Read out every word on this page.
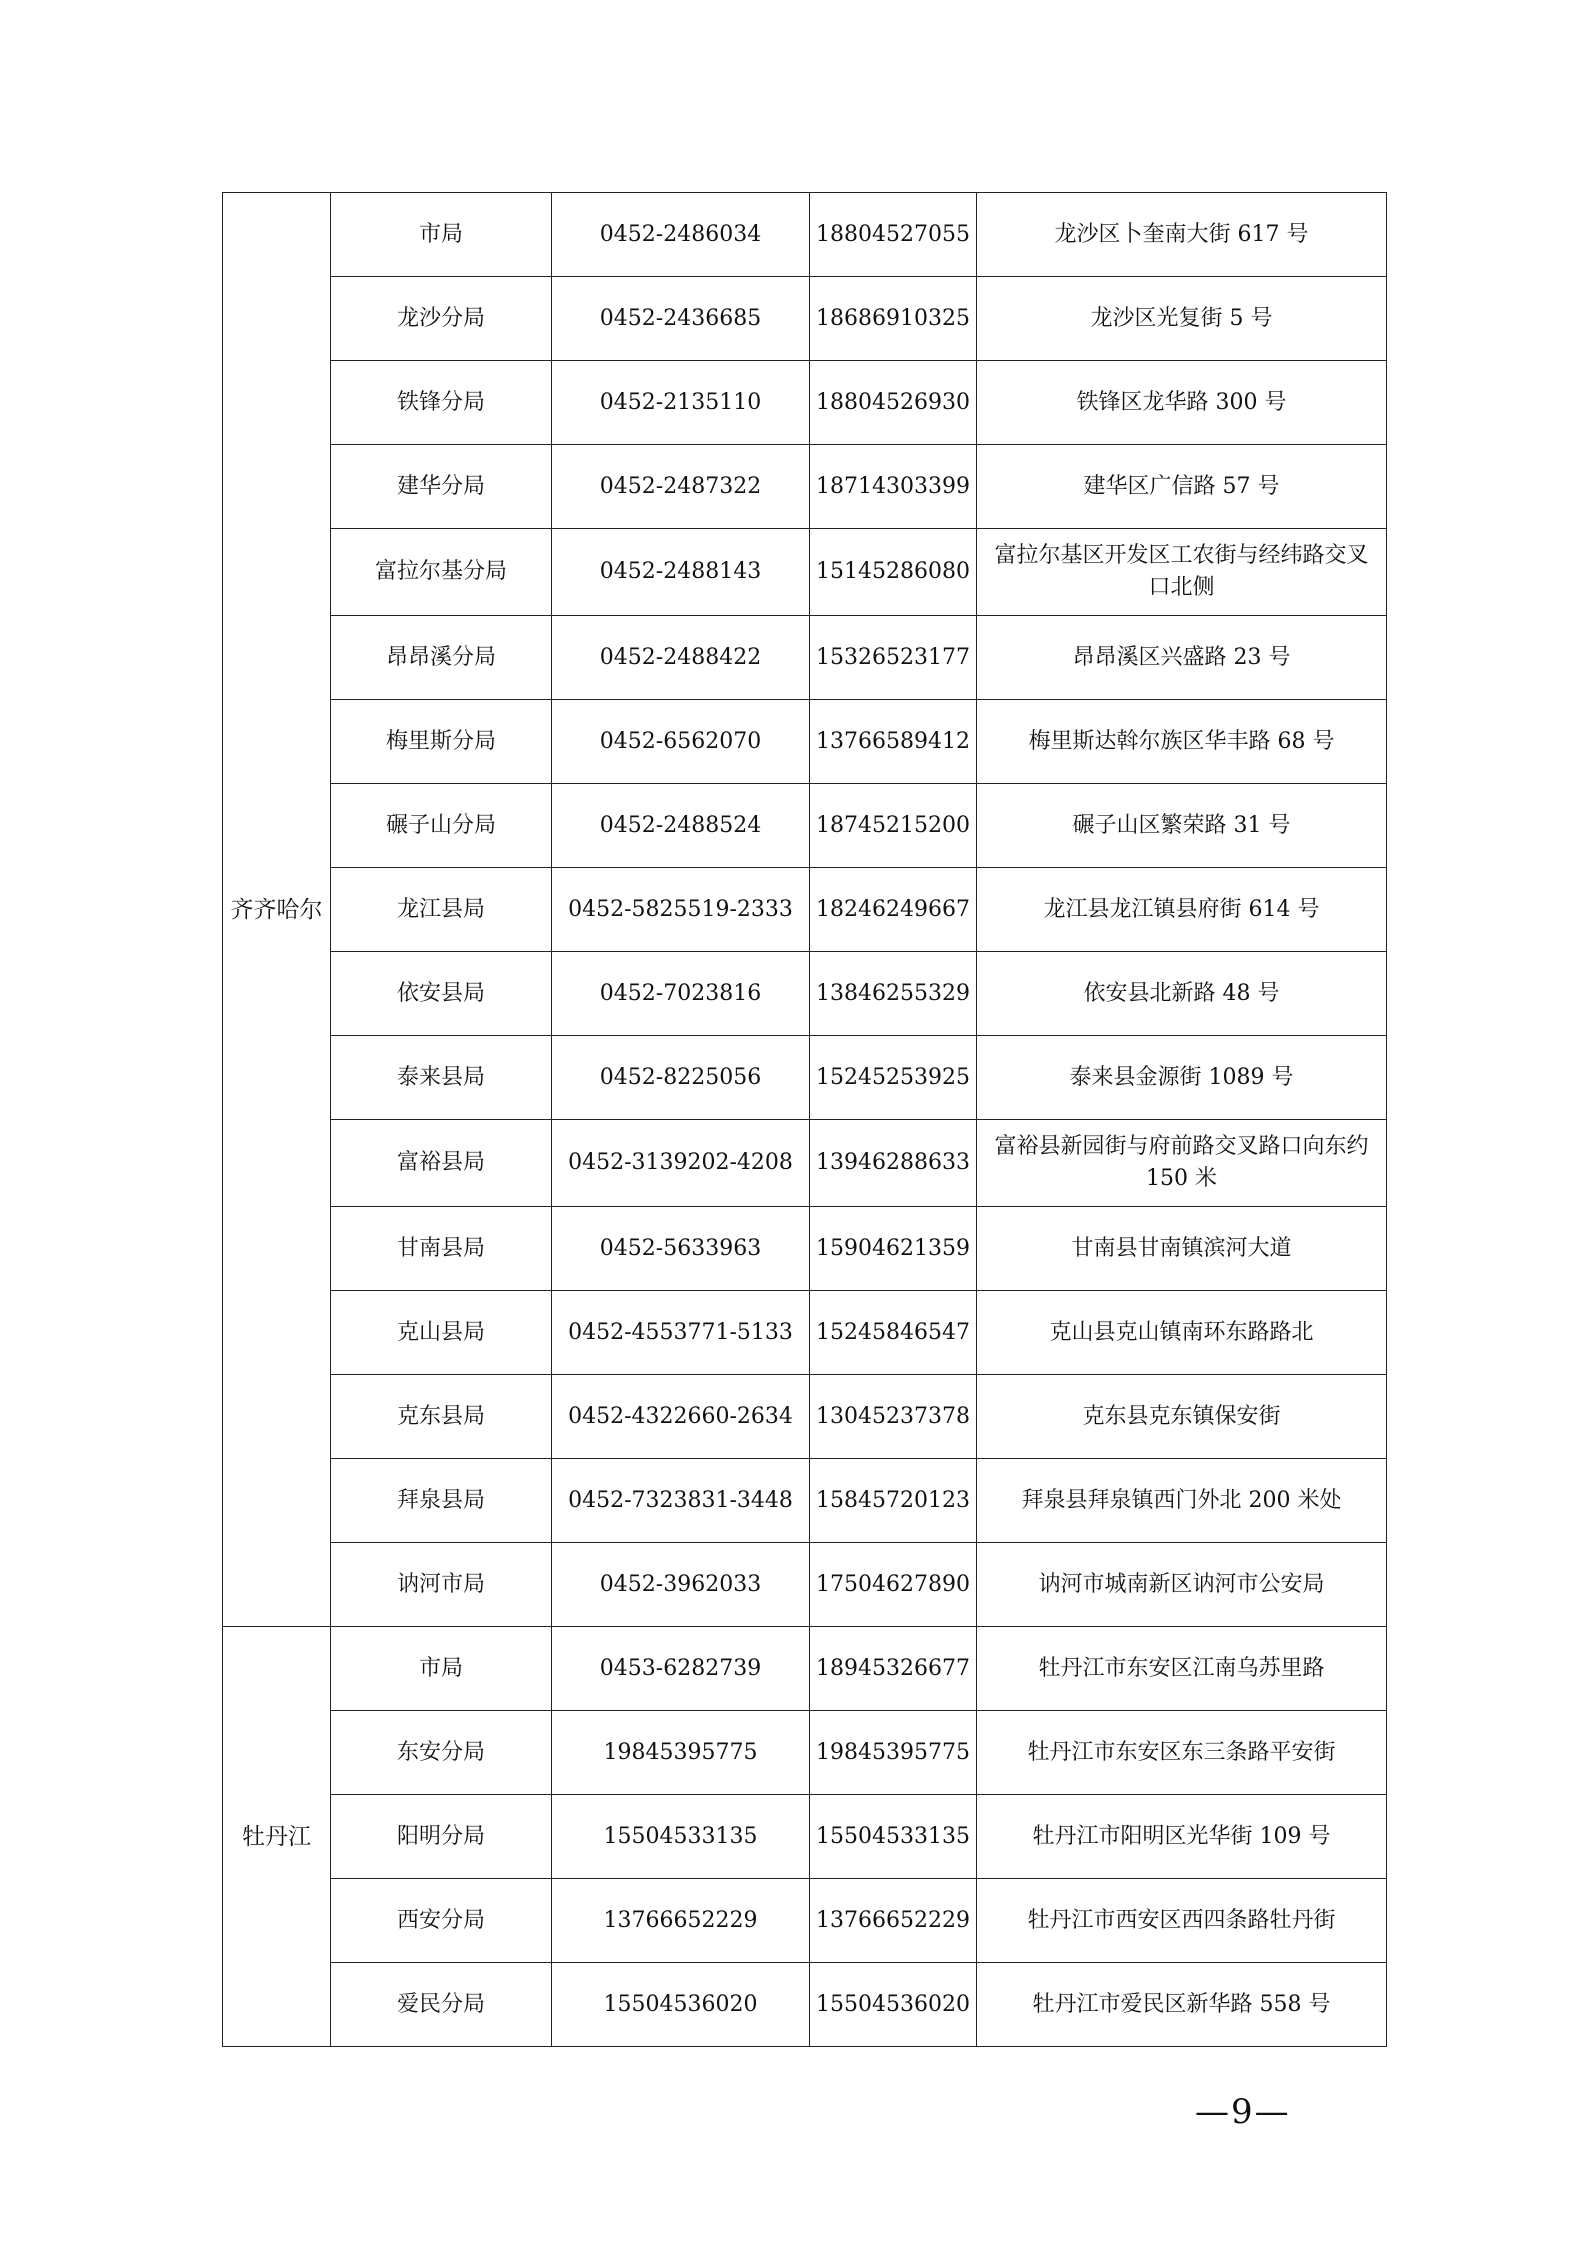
齐齐哈尔	市局	0452-2486034	18804527055	龙沙区卜奎南大街 617 号
	龙沙分局	0452-2436685	18686910325	龙沙区光复街 5 号
	铁锋分局	0452-2135110	18804526930	铁锋区龙华路 300 号
	建华分局	0452-2487322	18714303399	建华区广信路 57 号
	富拉尔基分局	0452-2488143	15145286080	富拉尔基区开发区工农街与经纬路交叉口北侧
	昂昂溪分局	0452-2488422	15326523177	昂昂溪区兴盛路 23 号
	梅里斯分局	0452-6562070	13766589412	梅里斯达斡尔族区华丰路 68 号
	碾子山分局	0452-2488524	18745215200	碾子山区繁荣路 31 号
	龙江县局	0452-5825519-2333	18246249667	龙江县龙江镇县府街 614 号
	依安县局	0452-7023816	13846255329	依安县北新路 48 号
	泰来县局	0452-8225056	15245253925	泰来县金源街 1089 号
	富裕县局	0452-3139202-4208	13946288633	富裕县新园街与府前路交叉路口向东约 150 米
	甘南县局	0452-5633963	15904621359	甘南县甘南镇滨河大道
	克山县局	0452-4553771-5133	15245846547	克山县克山镇南环东路路北
	克东县局	0452-4322660-2634	13045237378	克东县克东镇保安街
	拜泉县局	0452-7323831-3448	15845720123	拜泉县拜泉镇西门外北 200 米处
	讷河市局	0452-3962033	17504627890	讷河市城南新区讷河市公安局
牡丹江	市局	0453-6282739	18945326677	牡丹江市东安区江南乌苏里路
	东安分局	19845395775	19845395775	牡丹江市东安区东三条路平安街
	阳明分局	15504533135	15504533135	牡丹江市阳明区光华街 109 号
	西安分局	13766652229	13766652229	牡丹江市西安区西四条路牡丹街
	爱民分局	15504536020	15504536020	牡丹江市爱民区新华路 558 号
—9—
